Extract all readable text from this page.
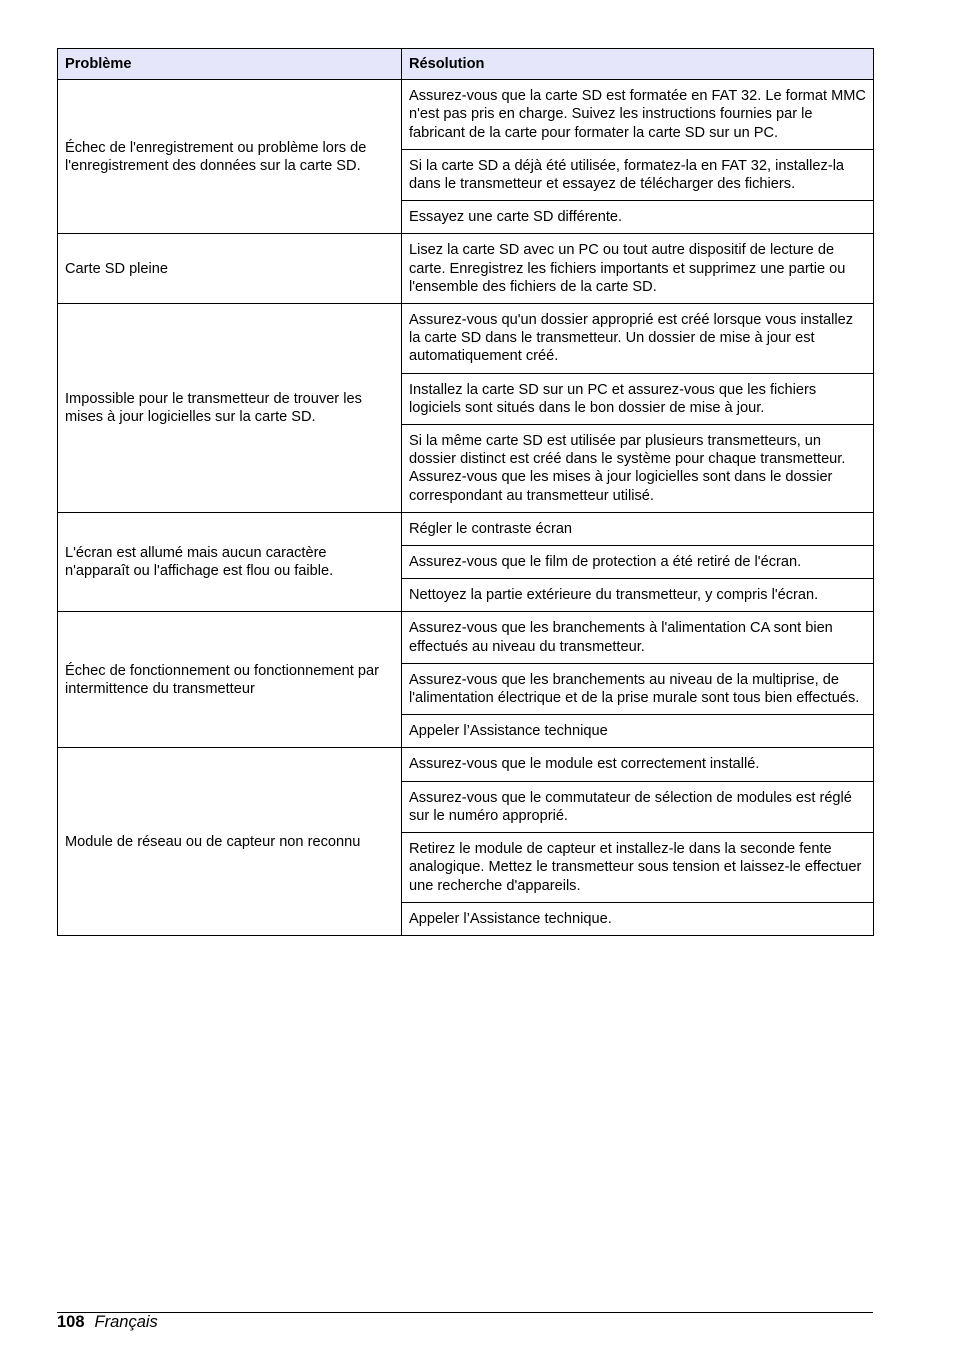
Problème	Résolution
Échec de l'enregistrement ou problème lors de l'enregistrement des données sur la carte SD.	Assurez-vous que la carte SD est formatée en FAT 32. Le format MMC n'est pas pris en charge. Suivez les instructions fournies par le fabricant de la carte pour formater la carte SD sur un PC.
	Si la carte SD a déjà été utilisée, formatez-la en FAT 32, installez-la dans le transmetteur et essayez de télécharger des fichiers.
	Essayez une carte SD différente.
Carte SD pleine	Lisez la carte SD avec un PC ou tout autre dispositif de lecture de carte. Enregistrez les fichiers importants et supprimez une partie ou l'ensemble des fichiers de la carte SD.
Impossible pour le transmetteur de trouver les mises à jour logicielles sur la carte SD.	Assurez-vous qu'un dossier approprié est créé lorsque vous installez la carte SD dans le transmetteur. Un dossier de mise à jour est automatiquement créé.
	Installez la carte SD sur un PC et assurez-vous que les fichiers logiciels sont situés dans le bon dossier de mise à jour.
	Si la même carte SD est utilisée par plusieurs transmetteurs, un dossier distinct est créé dans le système pour chaque transmetteur. Assurez-vous que les mises à jour logicielles sont dans le dossier correspondant au transmetteur utilisé.
L'écran est allumé mais aucun caractère n'apparaît ou l'affichage est flou ou faible.	Régler le contraste écran
	Assurez-vous que le film de protection a été retiré de l'écran.
	Nettoyez la partie extérieure du transmetteur, y compris l'écran.
Échec de fonctionnement ou fonctionnement par intermittence du transmetteur	Assurez-vous que les branchements à l'alimentation CA sont bien effectués au niveau du transmetteur.
	Assurez-vous que les branchements au niveau de la multiprise, de l'alimentation électrique et de la prise murale sont tous bien effectués.
	Appeler l’Assistance technique
Module de réseau ou de capteur non reconnu	Assurez-vous que le module est correctement installé.
	Assurez-vous que le commutateur de sélection de modules est réglé sur le numéro approprié.
	Retirez le module de capteur et installez-le dans la seconde fente analogique. Mettez le transmetteur sous tension et laissez-le effectuer une recherche d'appareils.
	Appeler l’Assistance technique.
108 Français
